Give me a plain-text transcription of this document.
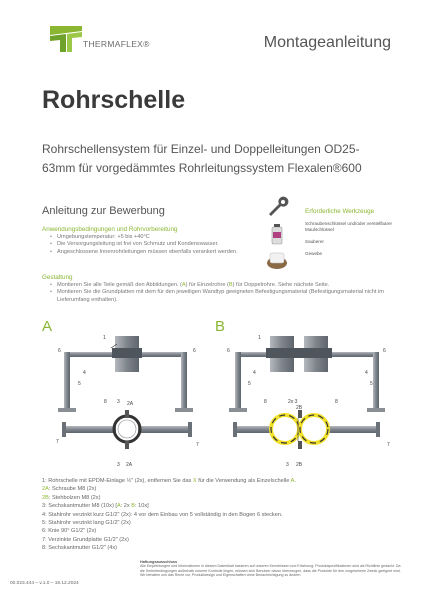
THERMAFLEX®	Montageanleitung
Rohrschelle
Rohrschellensystem für Einzel- und Doppelleitungen OD25-
63mm für vorgedämmtes Rohrleitungssystem Flexalen®600
Anleitung zur Bewerbung
Anwendungsbedingungen und Rohrvorbereitung
• Umgebungstemperatur: +5 bis +40°C
• Die Versorgungsleitung ist frei von Schmutz und Kondenswasser.
• Angeschlossene Innenrohrleitungen müssen ebenfalls verankert werden.
Gestaltung
• Montieren Sie alle Teile gemäß den Abbildungen. (A) für Einzelrohre (B) für Doppelrohre. Siehe nächste Seite.
• Montieren Sie die Grundplatten mit dem für den jeweiligen Wandtyp geeigneten Befestigungsmaterial (Befestigungsmaterial nicht im Lieferumfang enthalten).
Erforderliche Werkzeuge
Schraubenschlüssel und/oder verstellbarer Maulschlüssel
Sauberer
Gewebe
A	B
1
6	6
4
5
8 3 2A
7	7
3 2A
1
6	6
4	4
5	5
8	2x 3
2B
8
7
3 2B
1: Rohrschelle mit EPDM-Einlage ½" (2x), entfernen Sie das X für die Verwendung als Einzelschelle A.
2A: Schraube M8 (2x)
2B: Stehbolzen M8 (2x)
3: Sechskantmutter M8 (10x) [A: 2x B: 10x]
4: Stahlrohr verzinkt kurz G1/2" (2x): 4 vor dem Einbau von 5 vollständig in den Bogen 6 stecken.
5: Stahlrohr verzinkt lang G1/2" (2x)
6: Knie 90° G1/2" (2x)
7: Verzinkte Grundplatte G1/2" (2x)
8: Sechskantmutter G1/2" (4x)
00.023.444 – v.1.0 – 19.12.2024
Haftungsausschluss
Alle Empfehlungen und Informationen in diesem Datenblatt basieren auf unseren Kenntnissen und Erfahrung. Produktspezifikationen sind als Richtlinie gedacht. Da die Serienbedingungen außerhalb unserer Kontrolle liegen, müssen sich Benutzer davon überzeugen, dass die Produkte für den vorgesehene Zweck geeignet sind. Wir behalten uns das Recht vor, Produktdesign und Eigenschaften ohne Benachrichtigung zu ändern.
